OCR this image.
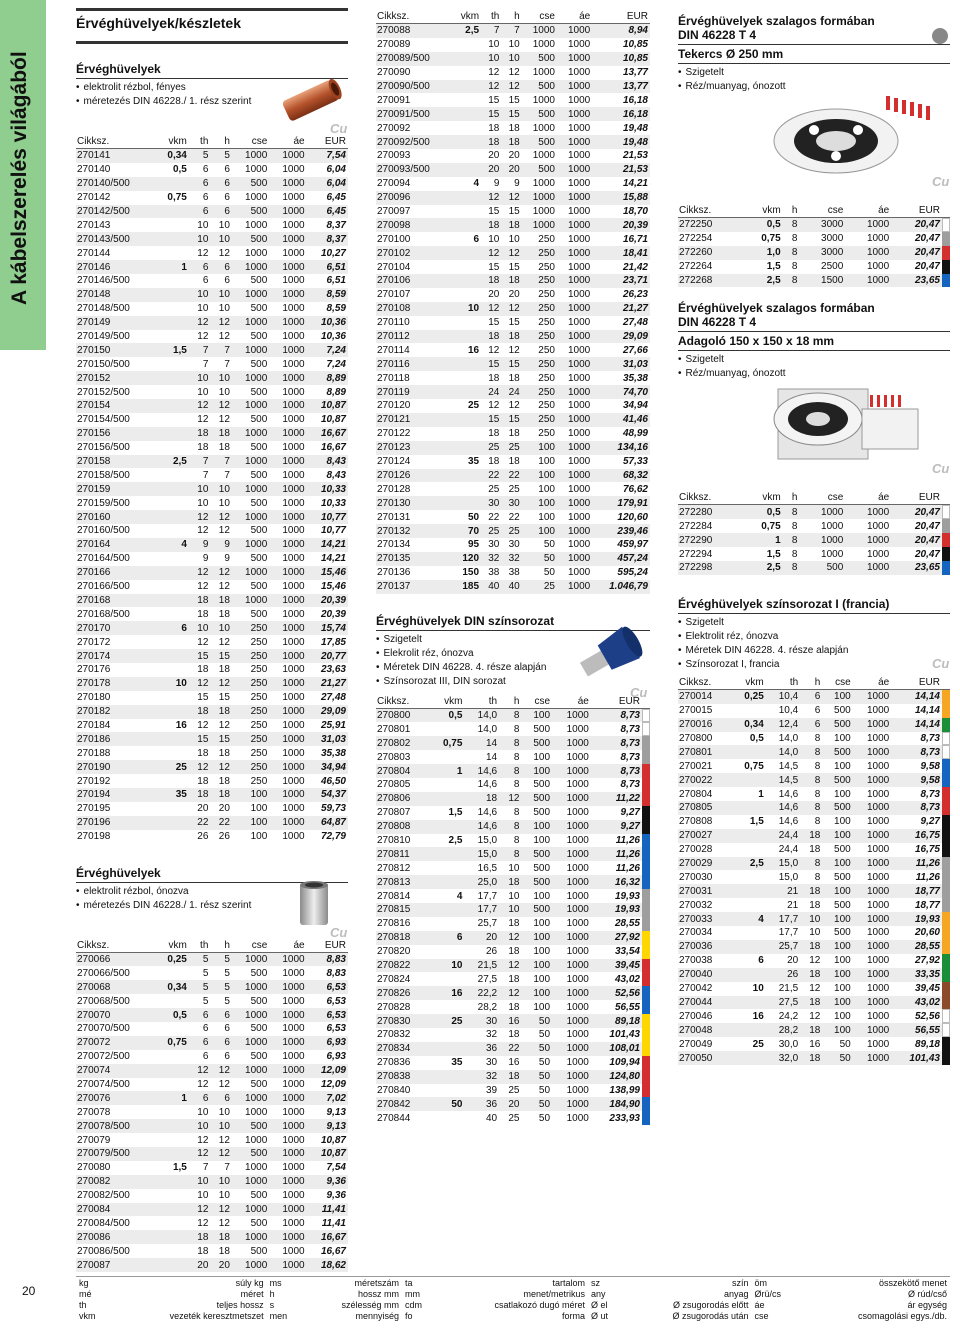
A kábelszerelés világából
Érvéghüvelyek/készletek
Érvéghüvelyek
• elektrolit rézbol, fényes
• méretezés DIN 46228./ 1. rész szerint
Cu
Cikksz.	vkm	th	h	cse	áe	EUR
270141	0,34	5	5	1000	1000	7,54
270140	0,5	6	6	1000	1000	6,04
270140/500		6	6	500	1000	6,04
270142	0,75	6	6	1000	1000	6,45
270142/500		6	6	500	1000	6,45
270143		10	10	1000	1000	8,37
270143/500		10	10	500	1000	8,37
270144		12	12	1000	1000	10,27
270146	1	6	6	1000	1000	6,51
270146/500		6	6	500	1000	6,51
270148		10	10	1000	1000	8,59
270148/500		10	10	500	1000	8,59
270149		12	12	1000	1000	10,36
270149/500		12	12	500	1000	10,36
270150	1,5	7	7	1000	1000	7,24
270150/500		7	7	500	1000	7,24
270152		10	10	1000	1000	8,89
270152/500		10	10	500	1000	8,89
270154		12	12	1000	1000	10,87
270154/500		12	12	500	1000	10,87
270156		18	18	1000	1000	16,67
270156/500		18	18	500	1000	16,67
270158	2,5	7	7	1000	1000	8,43
270158/500		7	7	500	1000	8,43
270159		10	10	1000	1000	10,33
270159/500		10	10	500	1000	10,33
270160		12	12	1000	1000	10,77
270160/500		12	12	500	1000	10,77
270164	4	9	9	1000	1000	14,21
270164/500		9	9	500	1000	14,21
270166		12	12	1000	1000	15,46
270166/500		12	12	500	1000	15,46
270168		18	18	1000	1000	20,39
270168/500		18	18	500	1000	20,39
270170	6	10	10	250	1000	15,74
270172		12	12	250	1000	17,85
270174		15	15	250	1000	20,77
270176		18	18	250	1000	23,63
270178	10	12	12	250	1000	21,27
270180		15	15	250	1000	27,48
270182		18	18	250	1000	29,09
270184	16	12	12	250	1000	25,91
270186		15	15	250	1000	31,03
270188		18	18	250	1000	35,38
270190	25	12	12	250	1000	34,94
270192		18	18	250	1000	46,50
270194	35	18	18	100	1000	54,37
270195		20	20	100	1000	59,73
270196		22	22	100	1000	64,87
270198		26	26	100	1000	72,79
Érvéghüvelyek
• elektrolit rézbol, ónozva
• méretezés DIN 46228./ 1. rész szerint
Cu
Cikksz.	vkm	th	h	cse	áe	EUR
270066	0,25	5	5	1000	1000	8,83
270066/500		5	5	500	1000	8,83
270068	0,34	5	5	1000	1000	6,53
270068/500		5	5	500	1000	6,53
270070	0,5	6	6	1000	1000	6,53
270070/500		6	6	500	1000	6,53
270072	0,75	6	6	1000	1000	6,93
270072/500		6	6	500	1000	6,93
270074		12	12	1000	1000	12,09
270074/500		12	12	500	1000	12,09
270076	1	6	6	1000	1000	7,02
270078		10	10	1000	1000	9,13
270078/500		10	10	500	1000	9,13
270079		12	12	1000	1000	10,87
270079/500		12	12	500	1000	10,87
270080	1,5	7	7	1000	1000	7,54
270082		10	10	1000	1000	9,36
270082/500		10	10	500	1000	9,36
270084		12	12	1000	1000	11,41
270084/500		12	12	500	1000	11,41
270086		18	18	1000	1000	16,67
270086/500		18	18	500	1000	16,67
270087		20	20	1000	1000	18,62
Cikksz.	vkm	th	h	cse	áe	EUR
270088	2,5	7	7	1000	1000	8,94
270089		10	10	1000	1000	10,85
270089/500		10	10	500	1000	10,85
270090		12	12	1000	1000	13,77
270090/500		12	12	500	1000	13,77
270091		15	15	1000	1000	16,18
270091/500		15	15	500	1000	16,18
270092		18	18	1000	1000	19,48
270092/500		18	18	500	1000	19,48
270093		20	20	1000	1000	21,53
270093/500		20	20	500	1000	21,53
270094	4	9	9	1000	1000	14,21
270096		12	12	1000	1000	15,88
270097		15	15	1000	1000	18,70
270098		18	18	1000	1000	20,39
270100	6	10	10	250	1000	16,71
270102		12	12	250	1000	18,41
270104		15	15	250	1000	21,42
270106		18	18	250	1000	23,71
270107		20	20	250	1000	26,23
270108	10	12	12	250	1000	21,27
270110		15	15	250	1000	27,48
270112		18	18	250	1000	29,09
270114	16	12	12	250	1000	27,66
270116		15	15	250	1000	31,03
270118		18	18	250	1000	35,38
270119		24	24	250	1000	74,70
270120	25	12	12	250	1000	34,94
270121		15	15	250	1000	41,46
270122		18	18	250	1000	48,99
270123		25	25	100	1000	134,16
270124	35	18	18	100	1000	57,33
270126		22	22	100	1000	68,32
270128		25	25	100	1000	76,62
270130		30	30	100	1000	179,91
270131	50	22	22	100	1000	120,60
270132	70	25	25	100	1000	239,46
270134	95	30	30	50	1000	459,97
270135	120	32	32	50	1000	457,24
270136	150	38	38	50	1000	595,24
270137	185	40	40	25	1000	1.046,79
Érvéghüvelyek DIN színsorozat
• Szigetelt
• Elekrolit réz, ónozva
• Méretek DIN 46228. 4. része alapján
• Színsorozat III, DIN sorozat
Cu
Cikksz.	vkm	th	h	cse	áe	EUR	
270800	0,5	14,0	8	100	1000	8,73	
270801		14,0	8	500	1000	8,73	
270802	0,75	14	8	500	1000	8,73	
270803		14	8	100	1000	8,73	
270804	1	14,6	8	100	1000	8,73	
270805		14,6	8	500	1000	8,73	
270806		18	12	500	1000	11,22	
270807	1,5	14,6	8	500	1000	9,27	
270808		14,6	8	100	1000	9,27	
270810	2,5	15,0	8	100	1000	11,26	
270811		15,0	8	500	1000	11,26	
270812		16,5	10	500	1000	11,26	
270813		25,0	18	500	1000	16,32	
270814	4	17,7	10	100	1000	19,93	
270815		17,7	10	500	1000	19,93	
270816		25,7	18	100	1000	28,55	
270818	6	20	12	100	1000	27,92	
270820		26	18	100	1000	33,54	
270822	10	21,5	12	100	1000	39,45	
270824		27,5	18	100	1000	43,02	
270826	16	22,2	12	100	1000	52,56	
270828		28,2	18	100	1000	56,55	
270830	25	30	16	50	1000	89,18	
270832		32	18	50	1000	101,43	
270834		36	22	50	1000	108,01	
270836	35	30	16	50	1000	109,94	
270838		32	18	50	1000	124,80	
270840		39	25	50	1000	138,99	
270842	50	36	20	50	1000	184,90	
270844		40	25	50	1000	233,93	
Érvéghüvelyek szalagos formában
DIN 46228 T 4
Tekercs Ø 250 mm
• Szigetelt
• Réz/muanyag, ónozott
Cu
Cikksz.	vkm	h	cse	áe	EUR	
272250	0,5	8	3000	1000	20,47	
272254	0,75	8	3000	1000	20,47	
272260	1,0	8	3000	1000	20,47	
272264	1,5	8	2500	1000	20,47	
272268	2,5	8	1500	1000	23,65	
Érvéghüvelyek szalagos formában
DIN 46228 T 4
Adagoló 150 x 150 x 18 mm
• Szigetelt
• Réz/muanyag, ónozott
Cu
Cikksz.	vkm	h	cse	áe	EUR	
272280	0,5	8	1000	1000	20,47	
272284	0,75	8	1000	1000	20,47	
272290	1	8	1000	1000	20,47	
272294	1,5	8	1000	1000	20,47	
272298	2,5	8	500	1000	23,65	
Érvéghüvelyek színsorozat I (francia)
• Szigetelt
• Elektrolit réz, ónozva
• Méretek DIN 46228. 4. része alapján
• Színsorozat I, francia	Cu
Cikksz.	vkm	th	h	cse	áe	EUR	
270014	0,25	10,4	6	100	1000	14,14	
270015		10,4	6	500	1000	14,14	
270016	0,34	12,4	6	500	1000	14,14	
270800	0,5	14,0	8	100	1000	8,73	
270801		14,0	8	500	1000	8,73	
270021	0,75	14,5	8	100	1000	9,58	
270022		14,5	8	500	1000	9,58	
270804	1	14,6	8	100	1000	8,73	
270805		14,6	8	500	1000	8,73	
270808	1,5	14,6	8	100	1000	9,27	
270027		24,4	18	100	1000	16,75	
270028		24,4	18	500	1000	16,75	
270029	2,5	15,0	8	100	1000	11,26	
270030		15,0	8	500	1000	11,26	
270031		21	18	100	1000	18,77	
270032		21	18	500	1000	18,77	
270033	4	17,7	10	100	1000	19,93	
270034		17,7	10	500	1000	20,60	
270036		25,7	18	100	1000	28,55	
270038	6	20	12	100	1000	27,92	
270040		26	18	100	1000	33,35	
270042	10	21,5	12	100	1000	39,45	
270044		27,5	18	100	1000	43,02	
270046	16	24,2	12	100	1000	52,56	
270048		28,2	18	100	1000	56,55	
270049	25	30,0	16	50	1000	89,18	
270050		32,0	18	50	1000	101,43	
20
kg	súly kg	ms	méretszám	ta	tartalom	sz	szín	öm	összekötő menet
mé	méret	h	hossz mm	mm	menet/metrikus	any	anyag	Ørü/cs	Ø rúd/cső
th	teljes hossz	s	szélesség mm	cdm	csatlakozó dugó méret	Ø el	Ø zsugorodás előtt	áe	ár egység
vkm	vezeték keresztmetszet	men	mennyiség	fo	forma	Ø ut	Ø zsugorodás után	cse	csomagolási egys./db.
